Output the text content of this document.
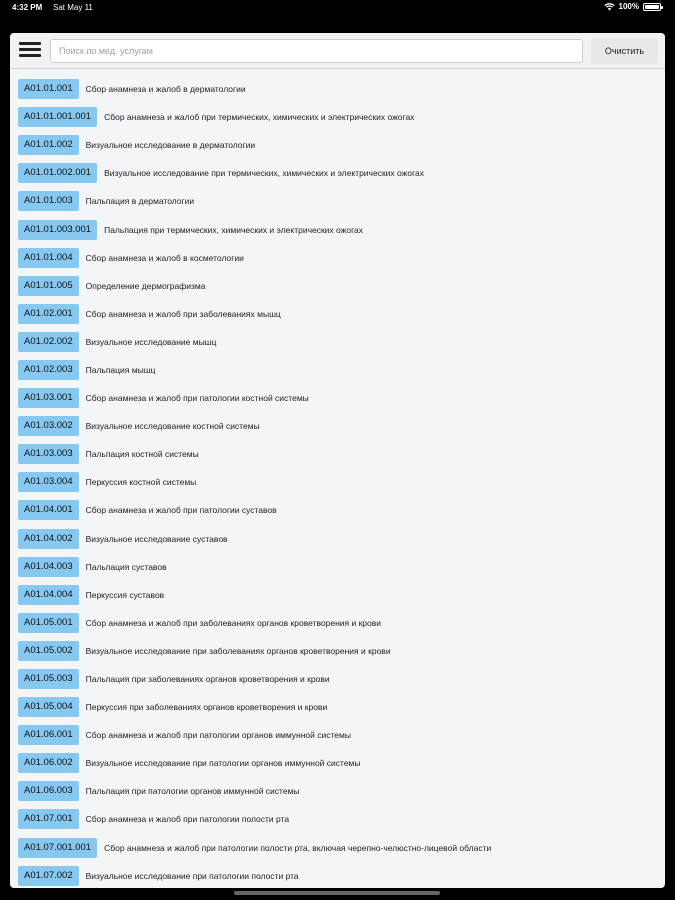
4:32 PM Sat May 11	100%
Поиск по мед. услугам
Очистить
A01.01.001	Сбор анамнеза и жалоб в дерматологии
A01.01.001.001	Сбор анамнеза и жалоб при термических, химических и электрических ожогах
A01.01.002	Визуальное исследование в дерматологии
A01.01.002.001	Визуальное исследование при термических, химических и электрических ожогах
A01.01.003	Пальпация в дерматологии
A01.01.003.001	Пальпация при термических, химических и электрических ожогах
A01.01.004	Сбор анамнеза и жалоб в косметологии
A01.01.005	Определение дермографизма
A01.02.001	Сбор анамнеза и жалоб при заболеваниях мышц
A01.02.002	Визуальное исследование мышц
A01.02.003	Пальпация мышц
A01.03.001	Сбор анамнеза и жалоб при патологии костной системы
A01.03.002	Визуальное исследование костной системы
A01.03.003	Пальпация костной системы
A01.03.004	Перкуссия костной системы
A01.04.001	Сбор анамнеза и жалоб при патологии суставов
A01.04.002	Визуальное исследование суставов
A01.04.003	Пальпация суставов
A01.04.004	Перкуссия суставов
A01.05.001	Сбор анамнеза и жалоб при заболеваниях органов кроветворения и крови
A01.05.002	Визуальное исследование при заболеваниях органов кроветворения и крови
A01.05.003	Пальпация при заболеваниях органов кроветворения и крови
A01.05.004	Перкуссия при заболеваниях органов кроветворения и крови
A01.06.001	Сбор анамнеза и жалоб при патологии органов иммунной системы
A01.06.002	Визуальное исследование при патологии органов иммунной системы
A01.06.003	Пальпация при патологии органов иммунной системы
A01.07.001	Сбор анамнеза и жалоб при патологии полости рта
A01.07.001.001	Сбор анамнеза и жалоб при патологии полости рта, включая черепно-челюстно-лицевой области
A01.07.002	Визуальное исследование при патологии полости рта
